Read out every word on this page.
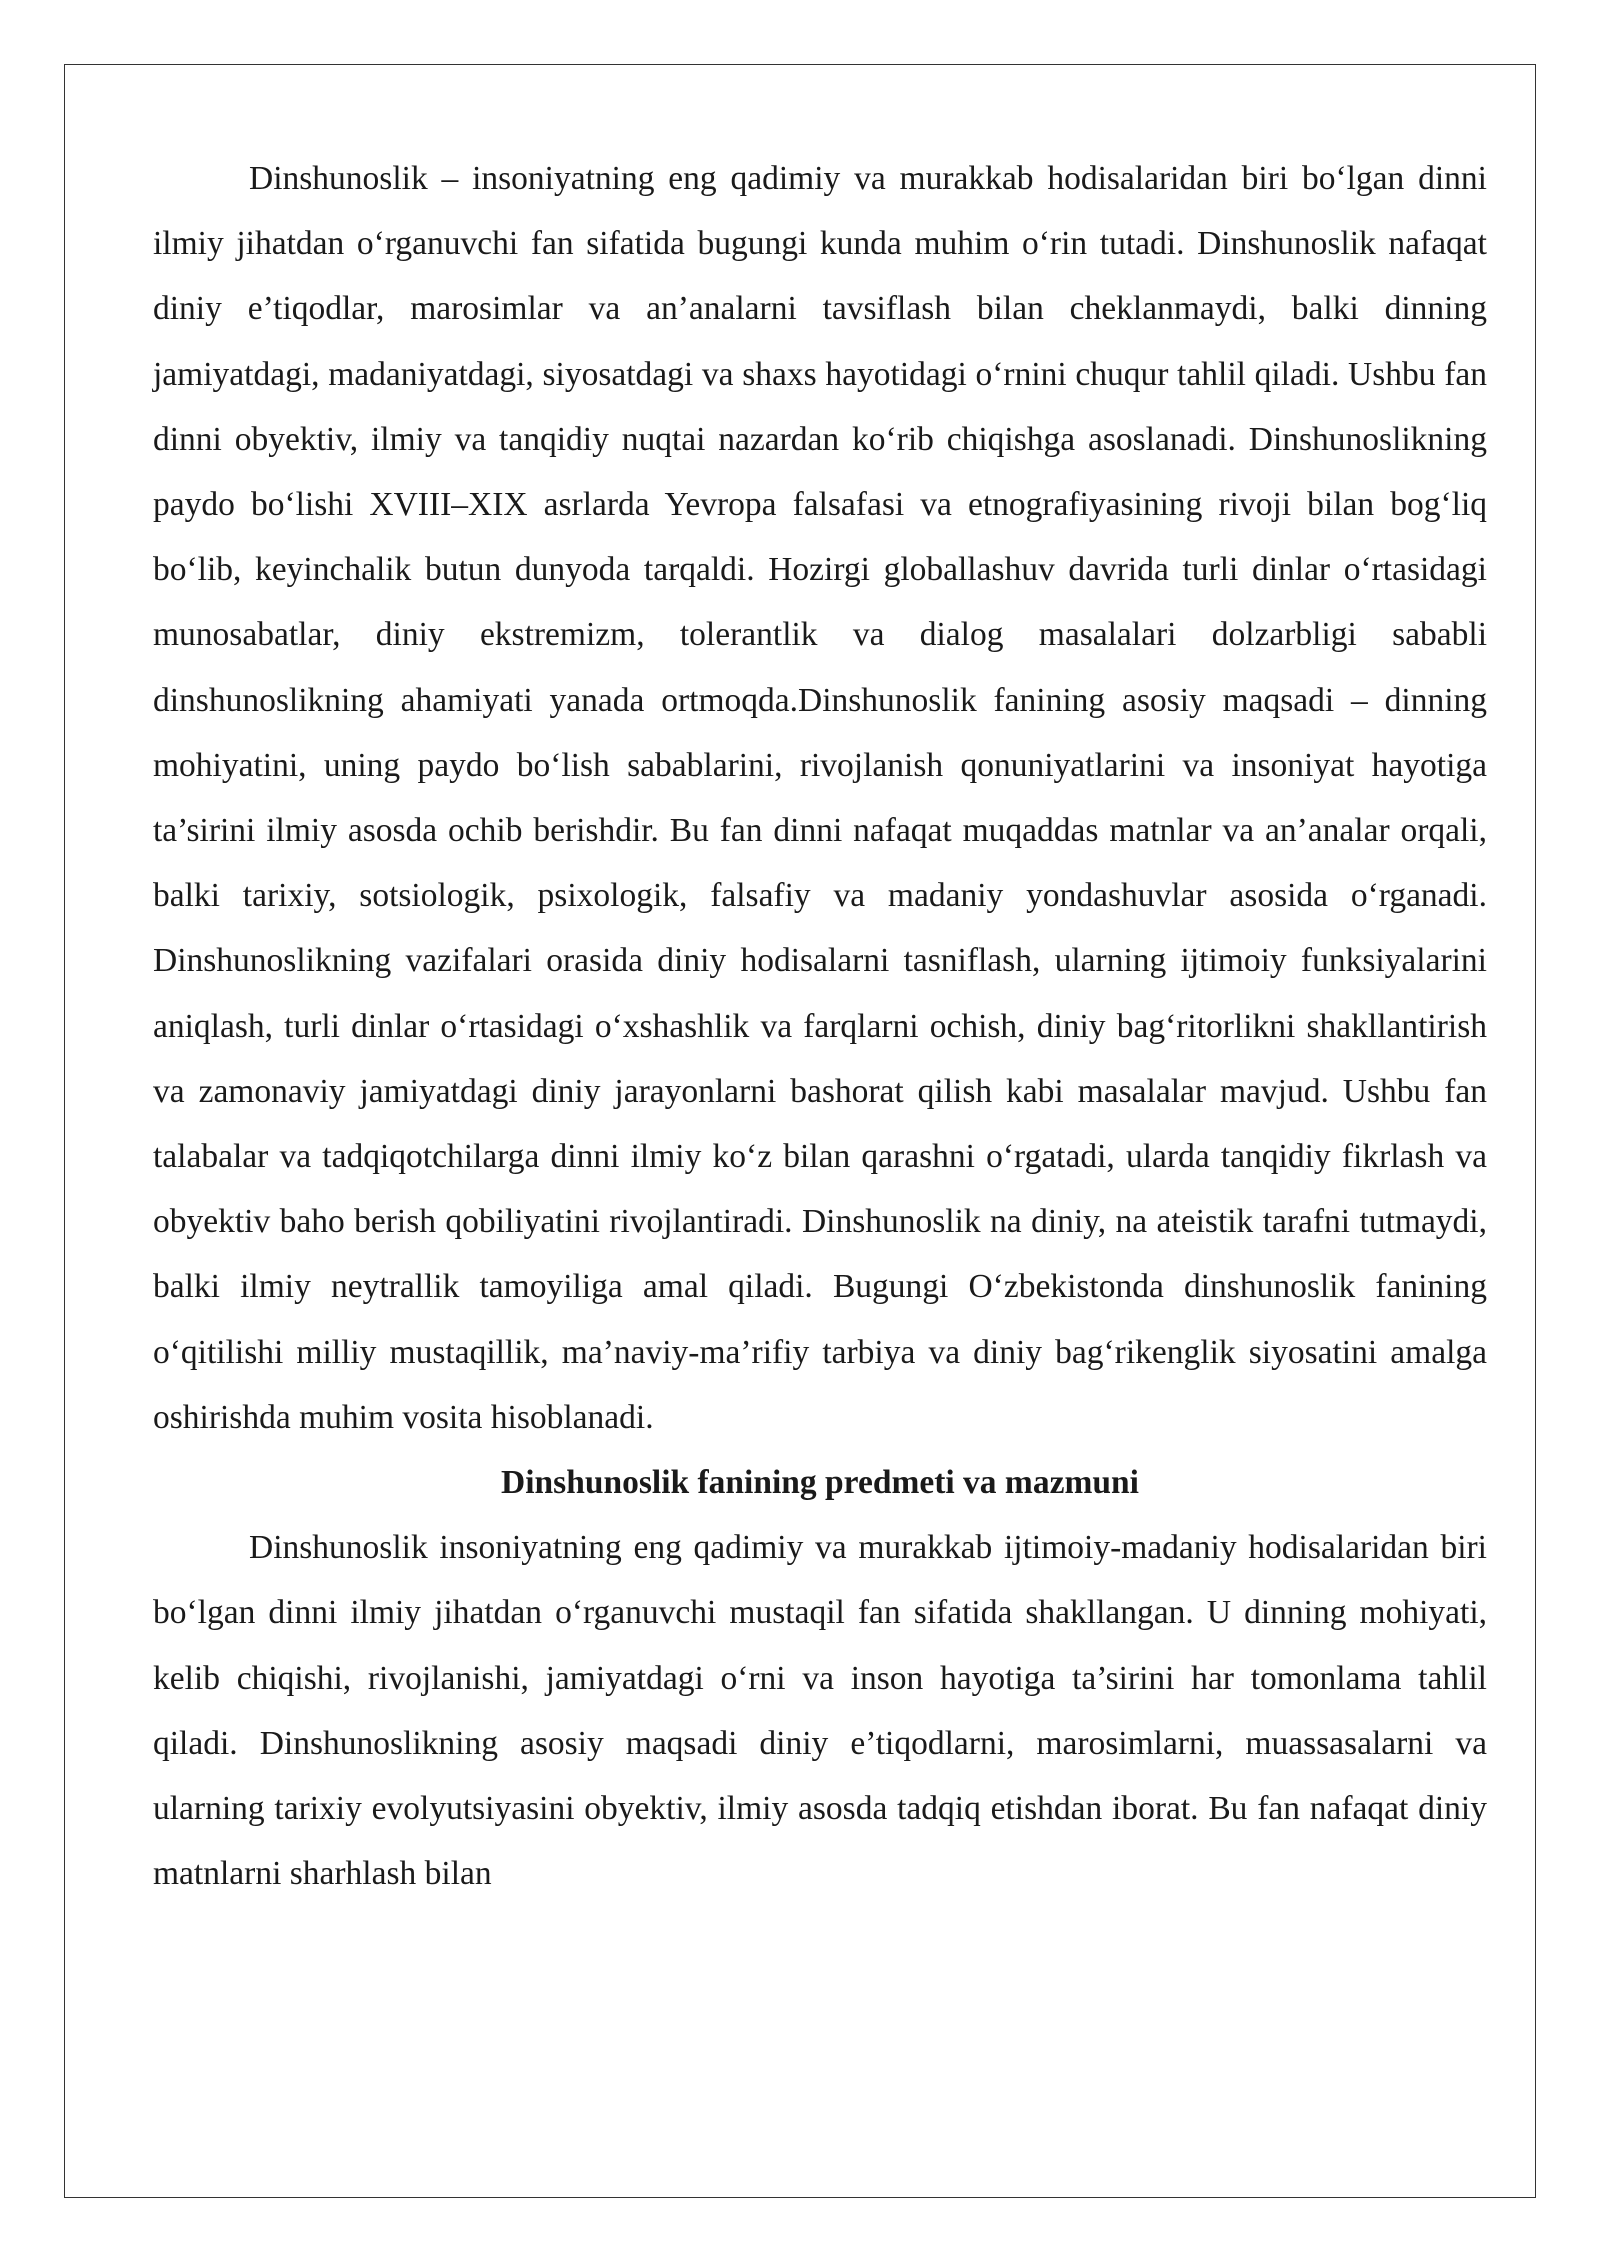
Dinshunoslik – insoniyatning eng qadimiy va murakkab hodisalaridan biri bo‘lgan dinni ilmiy jihatdan o‘rganuvchi fan sifatida bugungi kunda muhim o‘rin tutadi. Dinshunoslik nafaqat diniy e’tiqodlar, marosimlar va an’analarni tavsiflash bilan cheklanmaydi, balki dinning jamiyatdagi, madaniyatdagi, siyosatdagi va shaxs hayotidagi o‘rnini chuqur tahlil qiladi. Ushbu fan dinni obyektiv, ilmiy va tanqidiy nuqtai nazardan ko‘rib chiqishga asoslanadi. Dinshunoslikning paydo bo‘lishi XVIII–XIX asrlarda Yevropa falsafasi va etnografiyasining rivoji bilan bog‘liq bo‘lib, keyinchalik butun dunyoda tarqaldi. Hozirgi globallashuv davrida turli dinlar o‘rtasidagi munosabatlar, diniy ekstremizm, tolerantlik va dialog masalalari dolzarbligi sababli dinshunoslikning ahamiyati yanada ortmoqda.Dinshunoslik fanining asosiy maqsadi – dinning mohiyatini, uning paydo bo‘lish sabablarini, rivojlanish qonuniyatlarini va insoniyat hayotiga ta’sirini ilmiy asosda ochib berishdir. Bu fan dinni nafaqat muqaddas matnlar va an’analar orqali, balki tarixiy, sotsiologik, psixologik, falsafiy va madaniy yondashuvlar asosida o‘rganadi. Dinshunoslikning vazifalari orasida diniy hodisalarni tasniflash, ularning ijtimoiy funksiyalarini aniqlash, turli dinlar o‘rtasidagi o‘xshashlik va farqlarni ochish, diniy bag‘ritorlikni shakllantirish va zamonaviy jamiyatdagi diniy jarayonlarni bashorat qilish kabi masalalar mavjud. Ushbu fan talabalar va tadqiqotchilarga dinni ilmiy ko‘z bilan qarashni o‘rgatadi, ularda tanqidiy fikrlash va obyektiv baho berish qobiliyatini rivojlantiradi. Dinshunoslik na diniy, na ateistik tarafni tutmaydi, balki ilmiy neytrallik tamoyiliga amal qiladi. Bugungi O‘zbekistonda dinshunoslik fanining o‘qitilishi milliy mustaqillik, ma’naviy-ma’rifiy tarbiya va diniy bag‘rikenglik siyosatini amalga oshirishda muhim vosita hisoblanadi.

Dinshunoslik fanining predmeti va mazmuni

Dinshunoslik insoniyatning eng qadimiy va murakkab ijtimoiy-madaniy hodisalaridan biri bo‘lgan dinni ilmiy jihatdan o‘rganuvchi mustaqil fan sifatida shakllangan. U dinning mohiyati, kelib chiqishi, rivojlanishi, jamiyatdagi o‘rni va inson hayotiga ta’sirini har tomonlama tahlil qiladi. Dinshunoslikning asosiy maqsadi diniy e’tiqodlarni, marosimlarni, muassasalarni va ularning tarixiy evolyutsiyasini obyektiv, ilmiy asosda tadqiq etishdan iborat. Bu fan nafaqat diniy matnlarni sharhlash bilan
